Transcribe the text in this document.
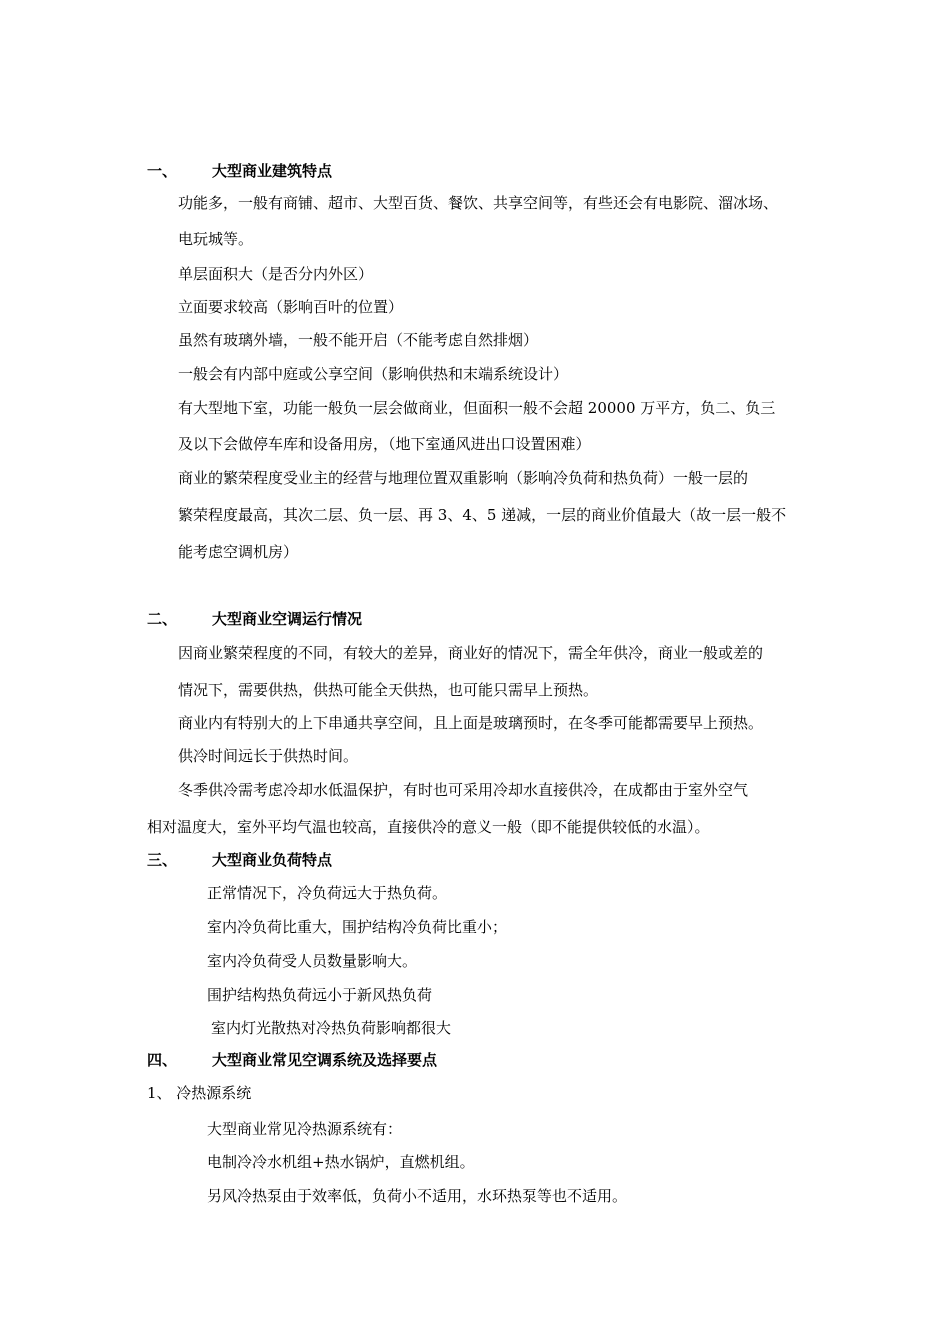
一、 大型商业建筑特点
功能多，一般有商铺、超市、大型百货、餐饮、共享空间等，有些还会有电影院、溜冰场、
电玩城等。
单层面积大（是否分内外区）
立面要求较高（影响百叶的位置）
虽然有玻璃外墙，一般不能开启（不能考虑自然排烟）
一般会有内部中庭或公享空间（影响供热和末端系统设计）
有大型地下室，功能一般负一层会做商业，但面积一般不会超 20000 万平方，负二、负三
及以下会做停车库和设备用房，（地下室通风进出口设置困难）
商业的繁荣程度受业主的经营与地理位置双重影响（影响冷负荷和热负荷）一般一层的
繁荣程度最高，其次二层、负一层、再 3、4、5 递减，一层的商业价值最大（故一层一般不
能考虑空调机房）
二、 大型商业空调运行情况
因商业繁荣程度的不同，有较大的差异，商业好的情况下，需全年供冷，商业一般或差的
情况下，需要供热，供热可能全天供热，也可能只需早上预热。
商业内有特别大的上下串通共享空间，且上面是玻璃预时，在冬季可能都需要早上预热。
供冷时间远长于供热时间。
冬季供冷需考虑冷却水低温保护，有时也可采用冷却水直接供冷，在成都由于室外空气
相对温度大，室外平均气温也较高，直接供冷的意义一般（即不能提供较低的水温）。
三、 大型商业负荷特点
正常情况下，冷负荷远大于热负荷。
室内冷负荷比重大，围护结构冷负荷比重小；
室内冷负荷受人员数量影响大。
围护结构热负荷远小于新风热负荷
室内灯光散热对冷热负荷影响都很大
四、 大型商业常见空调系统及选择要点
1、 冷热源系统
大型商业常见冷热源系统有：
电制冷冷水机组+热水锅炉，直燃机组。
另风冷热泵由于效率低，负荷小不适用，水环热泵等也不适用。
